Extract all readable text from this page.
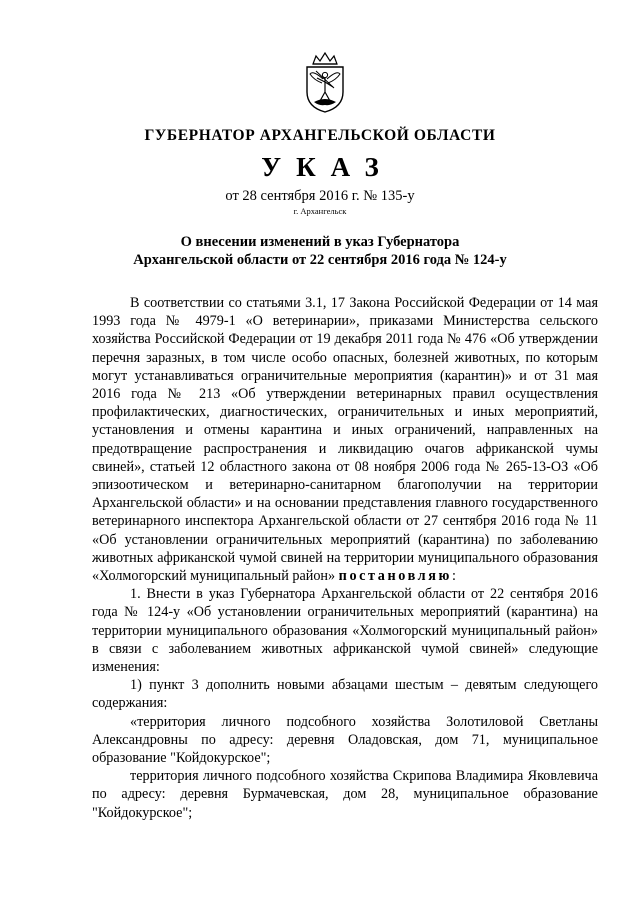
ГУБЕРНАТОР АРХАНГЕЛЬСКОЙ ОБЛАСТИ
УКАЗ
от 28 сентября 2016 г. № 135-у
г. Архангельск
О внесении изменений в указ Губернатора
Архангельской области от 22 сентября 2016 года № 124-у

В соответствии со статьями 3.1, 17 Закона Российской Федерации от 14 мая 1993 года № 4979-1 «О ветеринарии», приказами Министерства сельского хозяйства Российской Федерации от 19 декабря 2011 года № 476 «Об утверждении перечня заразных, в том числе особо опасных, болезней животных, по которым могут устанавливаться ограничительные мероприятия (карантин)» и от 31 мая 2016 года № 213 «Об утверждении ветеринарных правил осуществления профилактических, диагностических, ограничительных и иных мероприятий, установления и отмены карантина и иных ограничений, направленных на предотвращение распространения и ликвидацию очагов африканской чумы свиней», статьей 12 областного закона от 08 ноября 2006 года № 265-13-ОЗ «Об эпизоотическом и ветеринарно-санитарном благополучии на территории Архангельской области» и на основании представления главного государственного ветеринарного инспектора Архангельской области от 27 сентября 2016 года № 11 «Об установлении ограничительных мероприятий (карантина) по заболеванию животных африканской чумой свиней на территории муниципального образования «Холмогорский муниципальный район» постановляю:

1. Внести в указ Губернатора Архангельской области от 22 сентября 2016 года № 124-у «Об установлении ограничительных мероприятий (карантина) на территории муниципального образования «Холмогорский муниципальный район» в связи с заболеванием животных африканской чумой свиней» следующие изменения:

1) пункт 3 дополнить новыми абзацами шестым – девятым следующего содержания:

«территория личного подсобного хозяйства Золотиловой Светланы Александровны по адресу: деревня Оладовская, дом 71, муниципальное образование "Койдокурское";

территория личного подсобного хозяйства Скрипова Владимира Яковлевича по адресу: деревня Бурмачевская, дом 28, муниципальное образование "Койдокурское";
